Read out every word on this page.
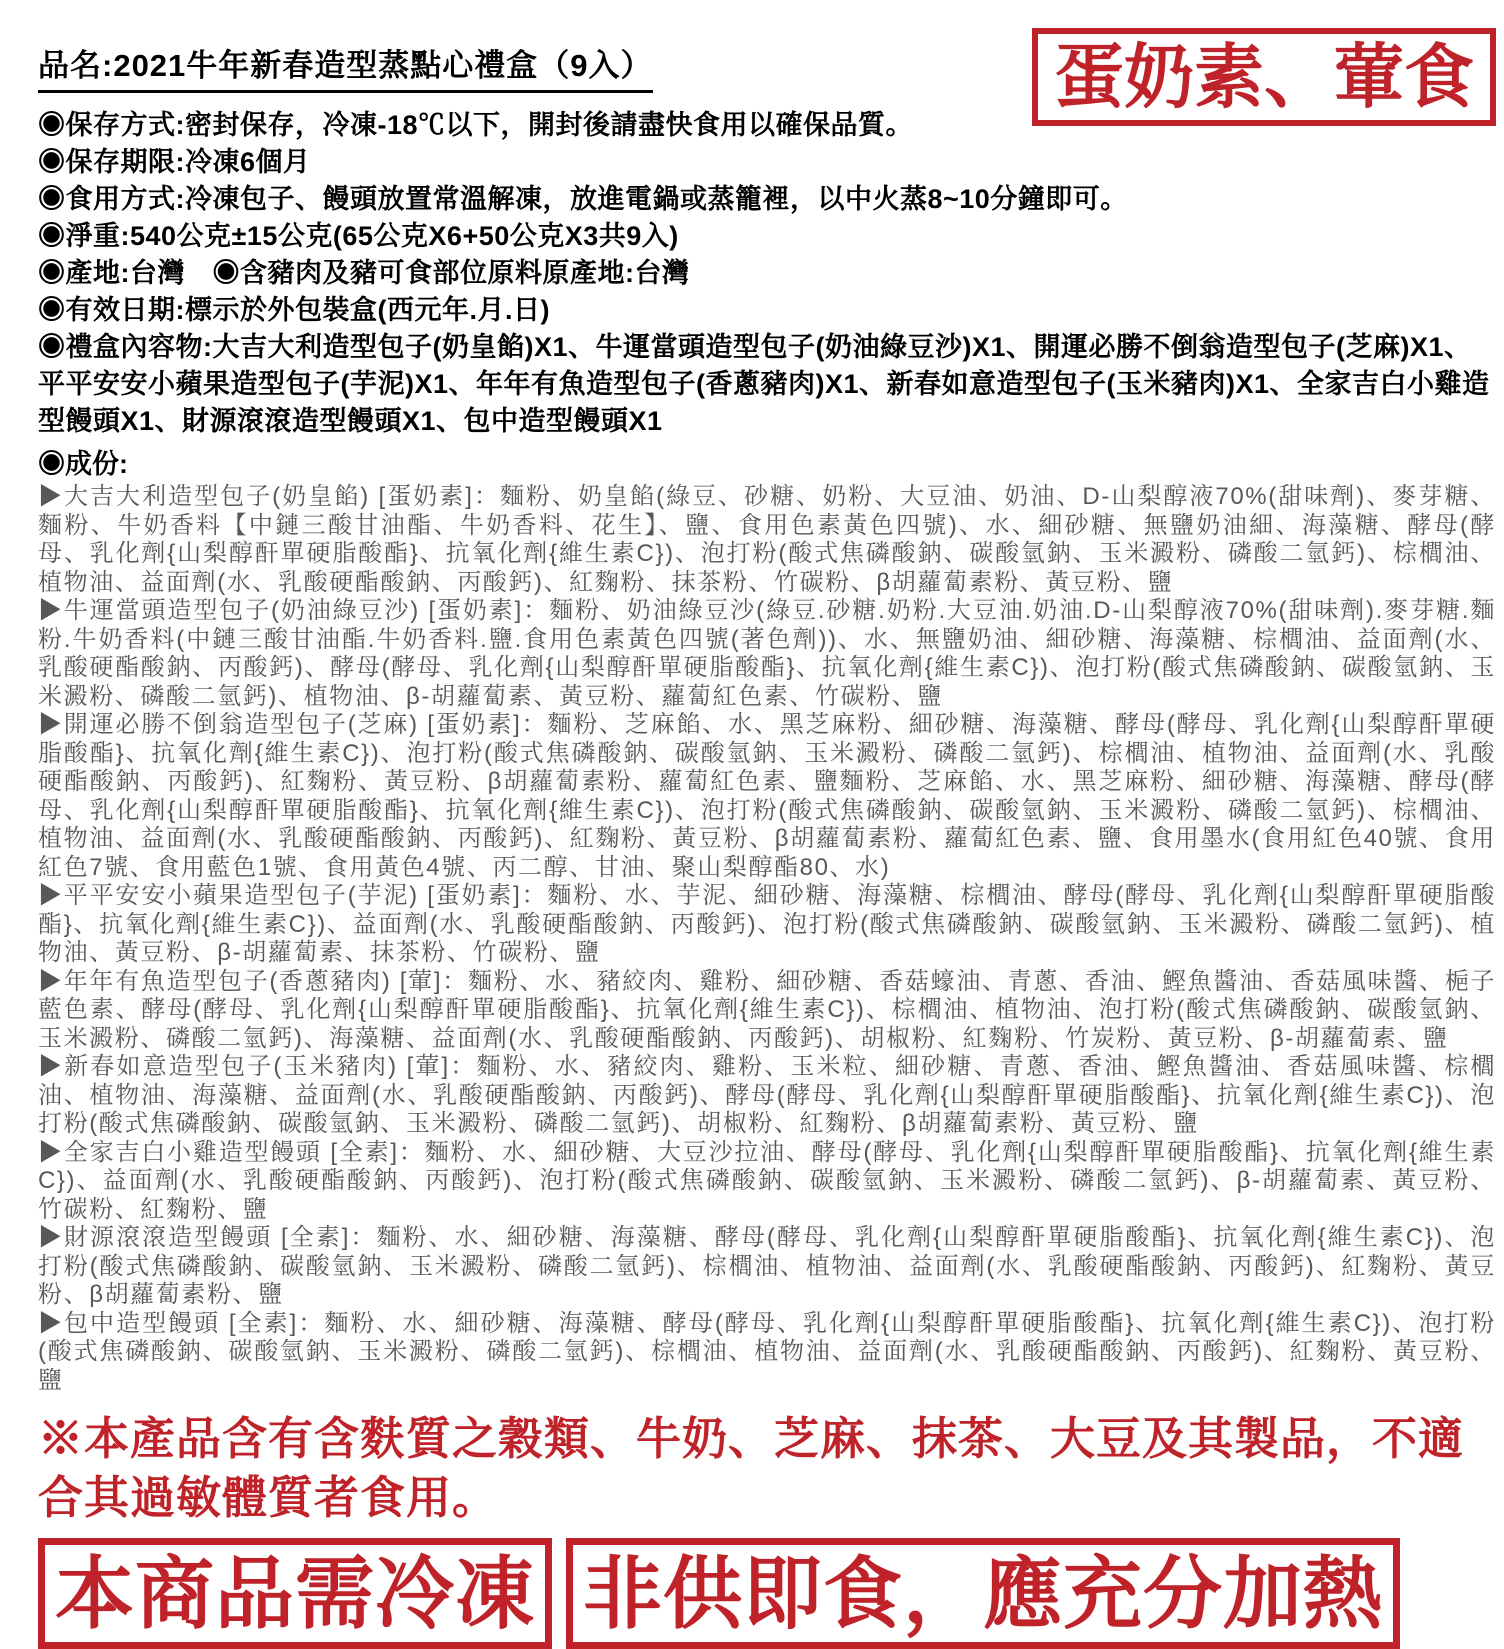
蛋奶素、葷食
品名:2021牛年新春造型蒸點心禮盒（9入）

◉保存方式:密封保存，冷凍-18℃以下，開封後請盡快食用以確保品質。

◉保存期限:冷凍6個月

◉食用方式:冷凍包子、饅頭放置常溫解凍，放進電鍋或蒸籠裡，以中火蒸8~10分鐘即可。

◉淨重:540公克±15公克(65公克X6+50公克X3共9入)

◉產地:台灣　◉含豬肉及豬可食部位原料原產地:台灣

◉有效日期:標示於外包裝盒(西元年.月.日)

◉禮盒內容物:大吉大利造型包子(奶皇餡)X1、牛運當頭造型包子(奶油綠豆沙)X1、開運必勝不倒翁造型包子(芝麻)X1、平平安安小蘋果造型包子(芋泥)X1、年年有魚造型包子(香蔥豬肉)X1、新春如意造型包子(玉米豬肉)X1、全家吉白小雞造型饅頭X1、財源滾滾造型饅頭X1、包中造型饅頭X1

◉成份:

▶大吉大利造型包子(奶皇餡) [蛋奶素]：麵粉、奶皇餡(綠豆、砂糖、奶粉、大豆油、奶油、D-山梨醇液70%(甜味劑)、麥芽糖、麵粉、牛奶香料【中鏈三酸甘油酯、牛奶香料、花生】、鹽、食用色素黃色四號)、水、細砂糖、無鹽奶油細、海藻糖、酵母(酵母、乳化劑{山梨醇酐單硬脂酸酯}、抗氧化劑{維生素C})、泡打粉(酸式焦磷酸鈉、碳酸氫鈉、玉米澱粉、磷酸二氫鈣)、棕櫚油、植物油、益面劑(水、乳酸硬酯酸鈉、丙酸鈣)、紅麴粉、抹茶粉、竹碳粉、β胡蘿蔔素粉、黃豆粉、鹽

▶牛運當頭造型包子(奶油綠豆沙) [蛋奶素]：麵粉、奶油綠豆沙(綠豆.砂糖.奶粉.大豆油.奶油.D-山梨醇液70%(甜味劑).麥芽糖.麵粉.牛奶香料(中鏈三酸甘油酯.牛奶香料.鹽.食用色素黃色四號(著色劑))、水、無鹽奶油、細砂糖、海藻糖、棕櫚油、益面劑(水、乳酸硬酯酸鈉、丙酸鈣)、酵母(酵母、乳化劑{山梨醇酐單硬脂酸酯}、抗氧化劑{維生素C})、泡打粉(酸式焦磷酸鈉、碳酸氫鈉、玉米澱粉、磷酸二氫鈣)、植物油、β-胡蘿蔔素、黃豆粉、蘿蔔紅色素、竹碳粉、鹽

▶開運必勝不倒翁造型包子(芝麻) [蛋奶素]：麵粉、芝麻餡、水、黑芝麻粉、細砂糖、海藻糖、酵母(酵母、乳化劑{山梨醇酐單硬脂酸酯}、抗氧化劑{維生素C})、泡打粉(酸式焦磷酸鈉、碳酸氫鈉、玉米澱粉、磷酸二氫鈣)、棕櫚油、植物油、益面劑(水、乳酸硬酯酸鈉、丙酸鈣)、紅麴粉、黃豆粉、β胡蘿蔔素粉、蘿蔔紅色素、鹽麵粉、芝麻餡、水、黑芝麻粉、細砂糖、海藻糖、酵母(酵母、乳化劑{山梨醇酐單硬脂酸酯}、抗氧化劑{維生素C})、泡打粉(酸式焦磷酸鈉、碳酸氫鈉、玉米澱粉、磷酸二氫鈣)、棕櫚油、植物油、益面劑(水、乳酸硬酯酸鈉、丙酸鈣)、紅麴粉、黃豆粉、β胡蘿蔔素粉、蘿蔔紅色素、鹽、食用墨水(食用紅色40號、食用紅色7號、食用藍色1號、食用黃色4號、丙二醇、甘油、聚山梨醇酯80、水)

▶平平安安小蘋果造型包子(芋泥) [蛋奶素]：麵粉、水、芋泥、細砂糖、海藻糖、棕櫚油、酵母(酵母、乳化劑{山梨醇酐單硬脂酸酯}、抗氧化劑{維生素C})、益面劑(水、乳酸硬酯酸鈉、丙酸鈣)、泡打粉(酸式焦磷酸鈉、碳酸氫鈉、玉米澱粉、磷酸二氫鈣)、植物油、黃豆粉、β-胡蘿蔔素、抹茶粉、竹碳粉、鹽

▶年年有魚造型包子(香蔥豬肉) [葷]：麵粉、水、豬絞肉、雞粉、細砂糖、香菇蠔油、青蔥、香油、鰹魚醬油、香菇風味醬、梔子藍色素、酵母(酵母、乳化劑{山梨醇酐單硬脂酸酯}、抗氧化劑{維生素C})、棕櫚油、植物油、泡打粉(酸式焦磷酸鈉、碳酸氫鈉、玉米澱粉、磷酸二氫鈣)、海藻糖、益面劑(水、乳酸硬酯酸鈉、丙酸鈣)、胡椒粉、紅麴粉、竹炭粉、黃豆粉、β-胡蘿蔔素、鹽

▶新春如意造型包子(玉米豬肉) [葷]：麵粉、水、豬絞肉、雞粉、玉米粒、細砂糖、青蔥、香油、鰹魚醬油、香菇風味醬、棕櫚油、植物油、海藻糖、益面劑(水、乳酸硬酯酸鈉、丙酸鈣)、酵母(酵母、乳化劑{山梨醇酐單硬脂酸酯}、抗氧化劑{維生素C})、泡打粉(酸式焦磷酸鈉、碳酸氫鈉、玉米澱粉、磷酸二氫鈣)、胡椒粉、紅麴粉、β胡蘿蔔素粉、黃豆粉、鹽

▶全家吉白小雞造型饅頭 [全素]：麵粉、水、細砂糖、大豆沙拉油、酵母(酵母、乳化劑{山梨醇酐單硬脂酸酯}、抗氧化劑{維生素C})、益面劑(水、乳酸硬酯酸鈉、丙酸鈣)、泡打粉(酸式焦磷酸鈉、碳酸氫鈉、玉米澱粉、磷酸二氫鈣)、β-胡蘿蔔素、黃豆粉、竹碳粉、紅麴粉、鹽

▶財源滾滾造型饅頭 [全素]：麵粉、水、細砂糖、海藻糖、酵母(酵母、乳化劑{山梨醇酐單硬脂酸酯}、抗氧化劑{維生素C})、泡打粉(酸式焦磷酸鈉、碳酸氫鈉、玉米澱粉、磷酸二氫鈣)、棕櫚油、植物油、益面劑(水、乳酸硬酯酸鈉、丙酸鈣)、紅麴粉、黃豆粉、β胡蘿蔔素粉、鹽

▶包中造型饅頭 [全素]：麵粉、水、細砂糖、海藻糖、酵母(酵母、乳化劑{山梨醇酐單硬脂酸酯}、抗氧化劑{維生素C})、泡打粉(酸式焦磷酸鈉、碳酸氫鈉、玉米澱粉、磷酸二氫鈣)、棕櫚油、植物油、益面劑(水、乳酸硬酯酸鈉、丙酸鈣)、紅麴粉、黃豆粉、鹽

※本產品含有含麩質之穀類、牛奶、芝麻、抹茶、大豆及其製品，不適合其過敏體質者食用。

本商品需冷凍 非供即食，應充分加熱
